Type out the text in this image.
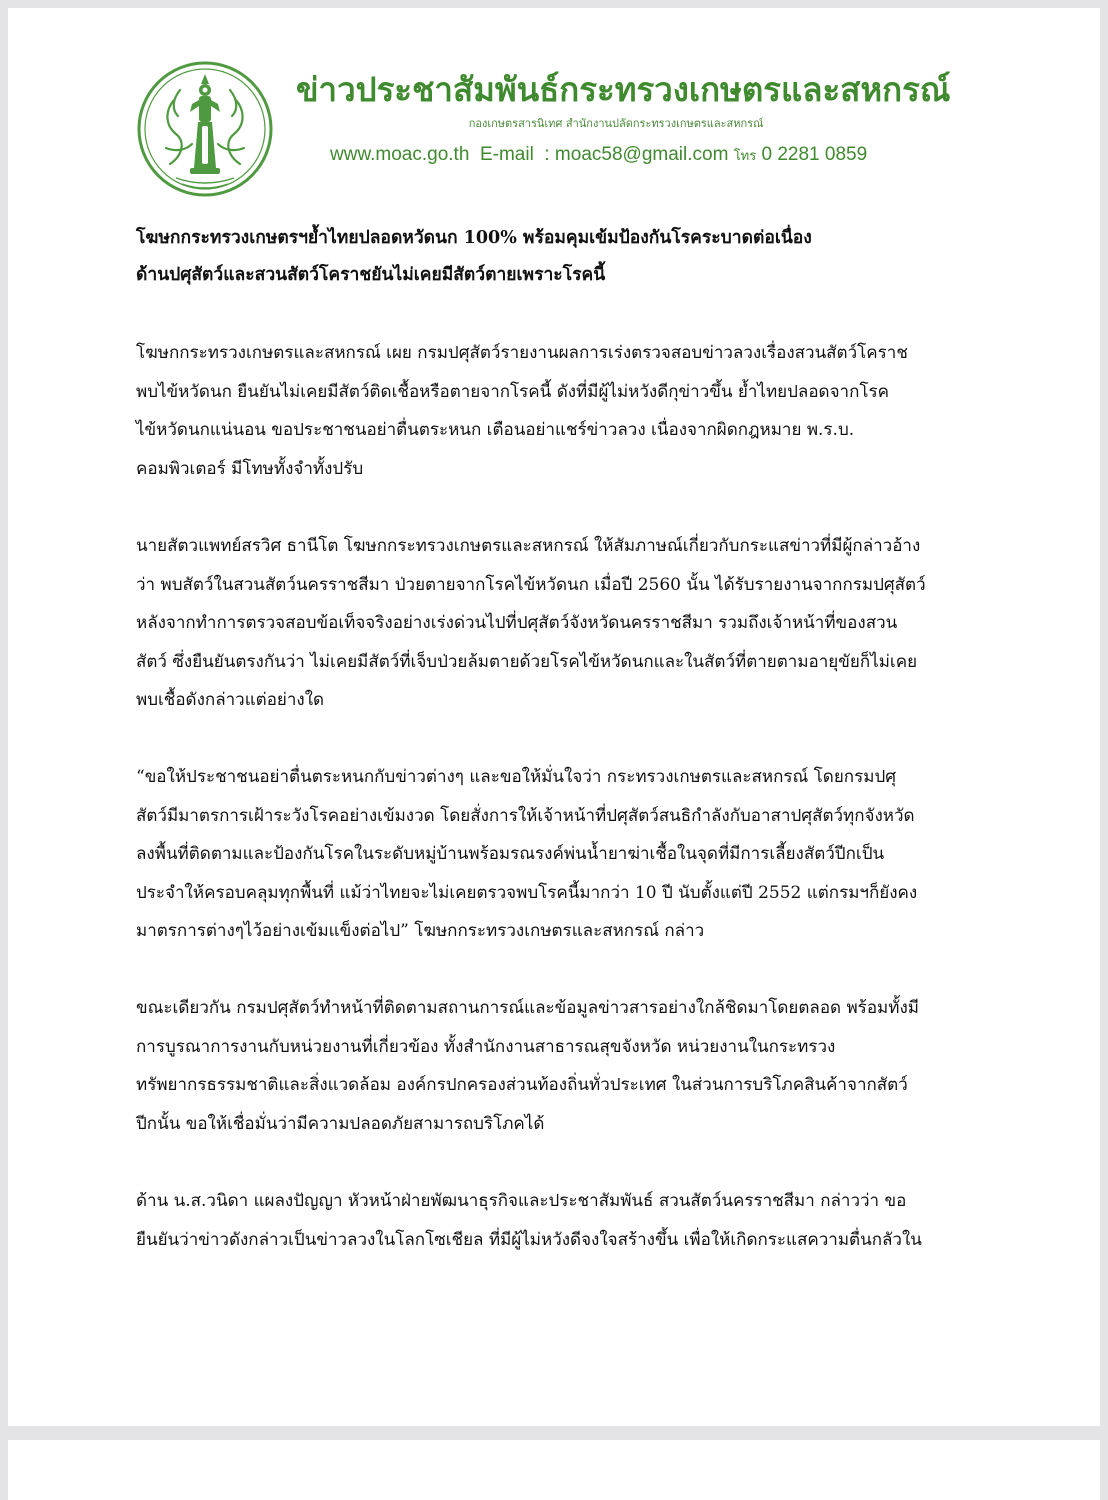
ข่าวประชาสัมพันธ์กระทรวงเกษตรและสหกรณ์
กองเกษตรสารนิเทศ สำนักงานปลัดกระทรวงเกษตรและสหกรณ์
www.moac.go.th E-mail : moac58@gmail.com โทร 0 2281 0859
โฆษกกระทรวงเกษตรฯย้ำไทยปลอดหวัดนก 100% พร้อมคุมเข้มป้องกันโรคระบาดต่อเนื่อง
ด้านปศุสัตว์และสวนสัตว์โคราชยันไม่เคยมีสัตว์ตายเพราะโรคนี้
โฆษกกระทรวงเกษตรและสหกรณ์ เผย กรมปศุสัตว์รายงานผลการเร่งตรวจสอบข่าวลวงเรื่องสวนสัตว์โคราช
พบไข้หวัดนก ยืนยันไม่เคยมีสัตว์ติดเชื้อหรือตายจากโรคนี้ ดังที่มีผู้ไม่หวังดีกุข่าวขึ้น ย้ำไทยปลอดจากโรค
ไข้หวัดนกแน่นอน ขอประชาชนอย่าตื่นตระหนก เตือนอย่าแชร์ข่าวลวง เนื่องจากผิดกฎหมาย พ.ร.บ.
คอมพิวเตอร์ มีโทษทั้งจำทั้งปรับ
นายสัตวแพทย์สรวิศ ธานีโต โฆษกกระทรวงเกษตรและสหกรณ์ ให้สัมภาษณ์เกี่ยวกับกระแสข่าวที่มีผู้กล่าวอ้าง
ว่า พบสัตว์ในสวนสัตว์นครราชสีมา ป่วยตายจากโรคไข้หวัดนก เมื่อปี 2560 นั้น ได้รับรายงานจากกรมปศุสัตว์
หลังจากทำการตรวจสอบข้อเท็จจริงอย่างเร่งด่วนไปที่ปศุสัตว์จังหวัดนครราชสีมา รวมถึงเจ้าหน้าที่ของสวน
สัตว์ ซึ่งยืนยันตรงกันว่า ไม่เคยมีสัตว์ที่เจ็บป่วยล้มตายด้วยโรคไข้หวัดนกและในสัตว์ที่ตายตามอายุขัยก็ไม่เคย
พบเชื้อดังกล่าวแต่อย่างใด
“ขอให้ประชาชนอย่าตื่นตระหนกกับข่าวต่างๆ และขอให้มั่นใจว่า กระทรวงเกษตรและสหกรณ์ โดยกรมปศุ
สัตว์มีมาตรการเฝ้าระวังโรคอย่างเข้มงวด โดยสั่งการให้เจ้าหน้าที่ปศุสัตว์สนธิกำลังกับอาสาปศุสัตว์ทุกจังหวัด
ลงพื้นที่ติดตามและป้องกันโรคในระดับหมู่บ้านพร้อมรณรงค์พ่นน้ำยาฆ่าเชื้อในจุดที่มีการเลี้ยงสัตว์ปีกเป็น
ประจำให้ครอบคลุมทุกพื้นที่ แม้ว่าไทยจะไม่เคยตรวจพบโรคนี้มากว่า 10 ปี นับตั้งแต่ปี 2552 แต่กรมฯก็ยังคง
มาตรการต่างๆไว้อย่างเข้มแข็งต่อไป” โฆษกกระทรวงเกษตรและสหกรณ์ กล่าว
ขณะเดียวกัน กรมปศุสัตว์ทำหน้าที่ติดตามสถานการณ์และข้อมูลข่าวสารอย่างใกล้ชิดมาโดยตลอด พร้อมทั้งมี
การบูรณาการงานกับหน่วยงานที่เกี่ยวข้อง ทั้งสำนักงานสาธารณสุขจังหวัด หน่วยงานในกระทรวง
ทรัพยากรธรรมชาติและสิ่งแวดล้อม องค์กรปกครองส่วนท้องถิ่นทั่วประเทศ ในส่วนการบริโภคสินค้าจากสัตว์
ปีกนั้น ขอให้เชื่อมั่นว่ามีความปลอดภัยสามารถบริโภคได้
ด้าน น.ส.วนิดา แผลงปัญญา หัวหน้าฝ่ายพัฒนาธุรกิจและประชาสัมพันธ์ สวนสัตว์นครราชสีมา กล่าวว่า ขอ
ยืนยันว่าข่าวดังกล่าวเป็นข่าวลวงในโลกโซเชียล ที่มีผู้ไม่หวังดีจงใจสร้างขึ้น เพื่อให้เกิดกระแสความตื่นกลัวใน
